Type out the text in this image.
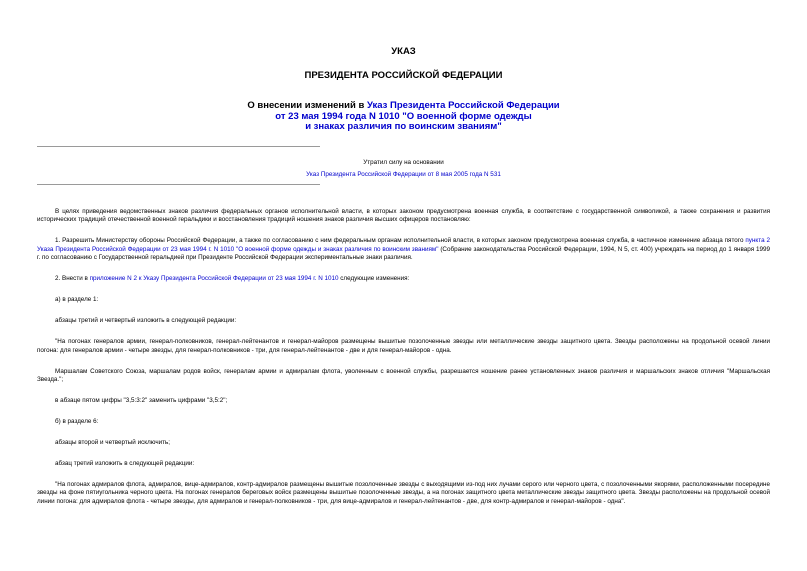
УКАЗ
ПРЕЗИДЕНТА РОССИЙСКОЙ ФЕДЕРАЦИИ
О внесении изменений в Указ Президента Российской Федерации
от 23 мая 1994 года N 1010 "О военной форме одежды
и знаках различия по воинским званиям"
Утратил силу на основании
Указ Президента Российской Федерации от 8 мая 2005 года N 531

В целях приведения ведомственных знаков различия федеральных органов исполнительной власти, в которых законом предусмотрена военная служба, в соответствие с государственной символикой, а также сохранения и развития исторических традиций отечественной военной геральдики и восстановления традиций ношения знаков различия высших офицеров постановляю:

1. Разрешить Министерству обороны Российской Федерации, а также по согласованию с ним федеральным органам исполнительной власти, в которых законом предусмотрена военная служба, в частичное изменение абзаца пятого пункта 2 Указа Президента Российской Федерации от 23 мая 1994 г. N 1010 "О военной форме одежды и знаках различия по воинским званиям" (Собрание законодательства Российской Федерации, 1994, N 5, ст. 400) учреждать на период до 1 января 1999 г. по согласованию с Государственной геральдией при Президенте Российской Федерации экспериментальные знаки различия.

2. Внести в приложение N 2 к Указу Президента Российской Федерации от 23 мая 1994 г. N 1010 следующие изменения:

а) в разделе 1:

абзацы третий и четвертый изложить в следующей редакции:

"На погонах генералов армии, генерал-полковников, генерал-лейтенантов и генерал-майоров размещены вышитые позолоченные звезды или металлические звезды защитного цвета. Звезды расположены на продольной осевой линии погона: для генералов армии - четыре звезды, для генерал-полковников - три, для генерал-лейтенантов - две и для генерал-майоров - одна.

Маршалам Советского Союза, маршалам родов войск, генералам армии и адмиралам флота, уволенным с военной службы, разрешается ношение ранее установленных знаков различия и маршальских знаков отличия "Маршальская Звезда.";

в абзаце пятом цифры "3,5:3:2" заменить цифрами "3,5:2";

б) в разделе 6:

абзацы второй и четвертый исключить;

абзац третий изложить в следующей редакции:

"На погонах адмиралов флота, адмиралов, вице-адмиралов, контр-адмиралов размещены вышитые позолоченные звезды с выходящими из-под них лучами серого или черного цвета, с позолоченными якорями, расположенными посередине звезды на фоне пятиугольника черного цвета. На погонах генералов береговых войск размещены вышитые позолоченные звезды, а на погонах защитного цвета металлические звезды защитного цвета. Звезды расположены на продольной осевой линии погона: для адмиралов флота - четыре звезды, для адмиралов и генерал-полковников - три, для вице-адмиралов и генерал-лейтенантов - две, для контр-адмиралов и генерал-майоров - одна".
